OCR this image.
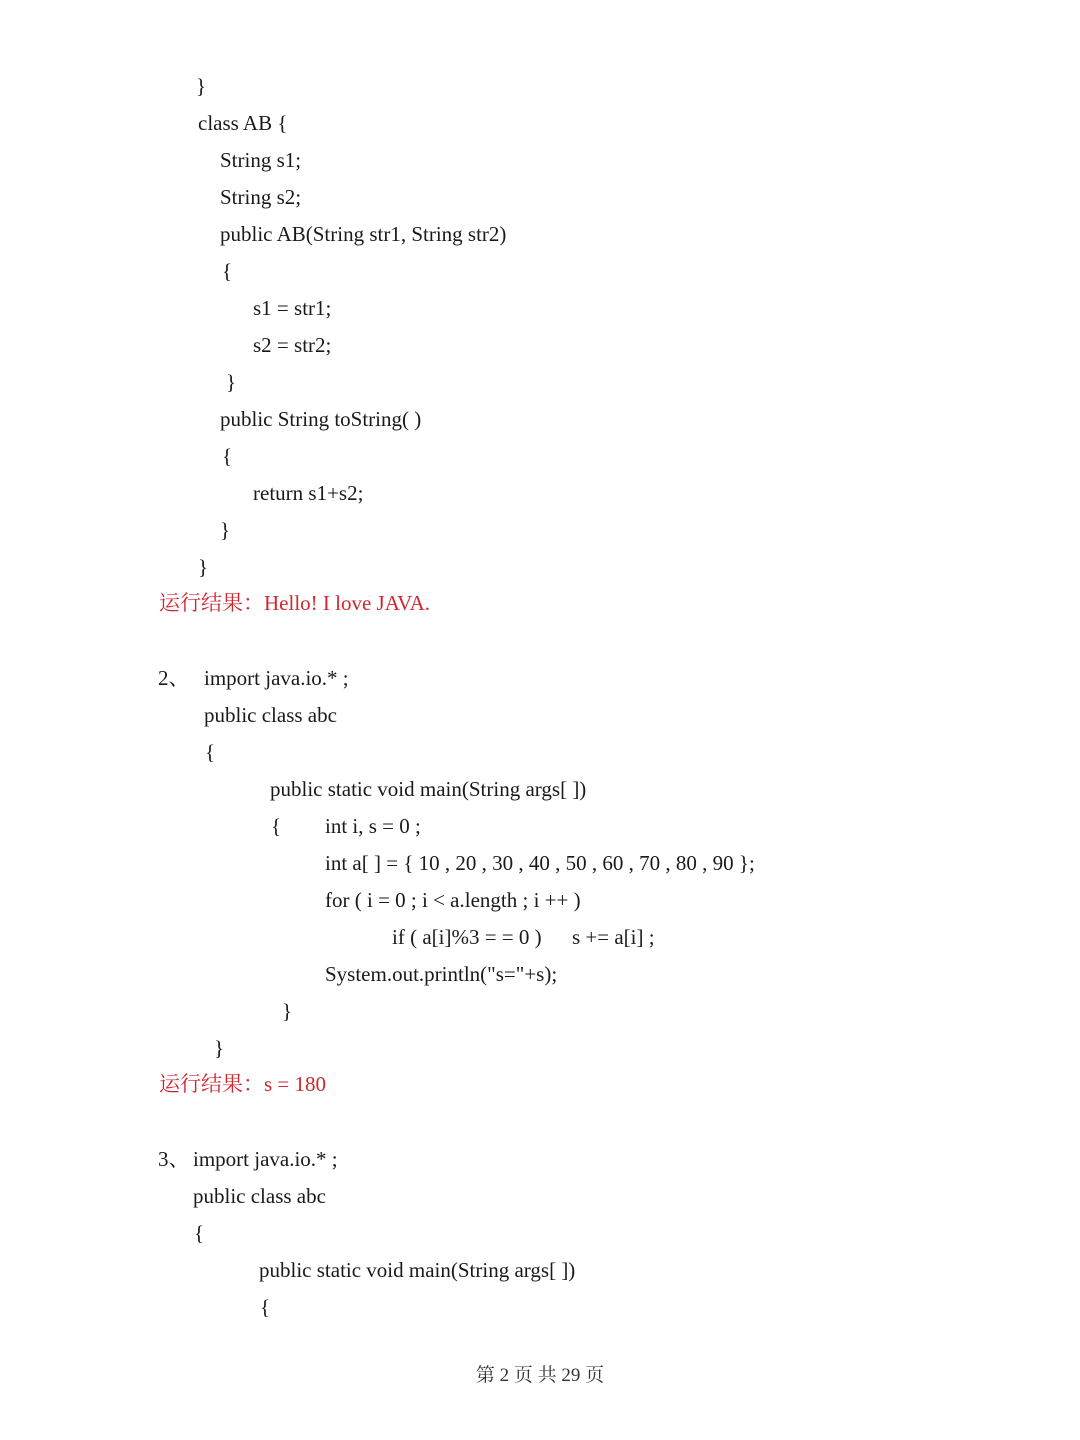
}
class AB {
String s1;
String s2;
public AB(String str1, String str2)
{
s1 = str1;
s2 = str2;
}
public String toString( )
{
return s1+s2;
}
}
运行结果：Hello! I love JAVA.
2、 import java.io.* ;
public class abc
{
public static void main(String args[ ])
{ int i, s = 0 ;
int a[ ] = { 10 , 20 , 30 , 40 , 50 , 60 , 70 , 80 , 90 };
for ( i = 0 ; i < a.length ; i ++ )
if ( a[i]%3 = = 0 ) s += a[i] ;
System.out.println("s="+s);
}
}
运行结果：s = 180
3、 import java.io.* ;
public class abc
{
public static void main(String args[ ])
{
第 2 页 共 29 页
